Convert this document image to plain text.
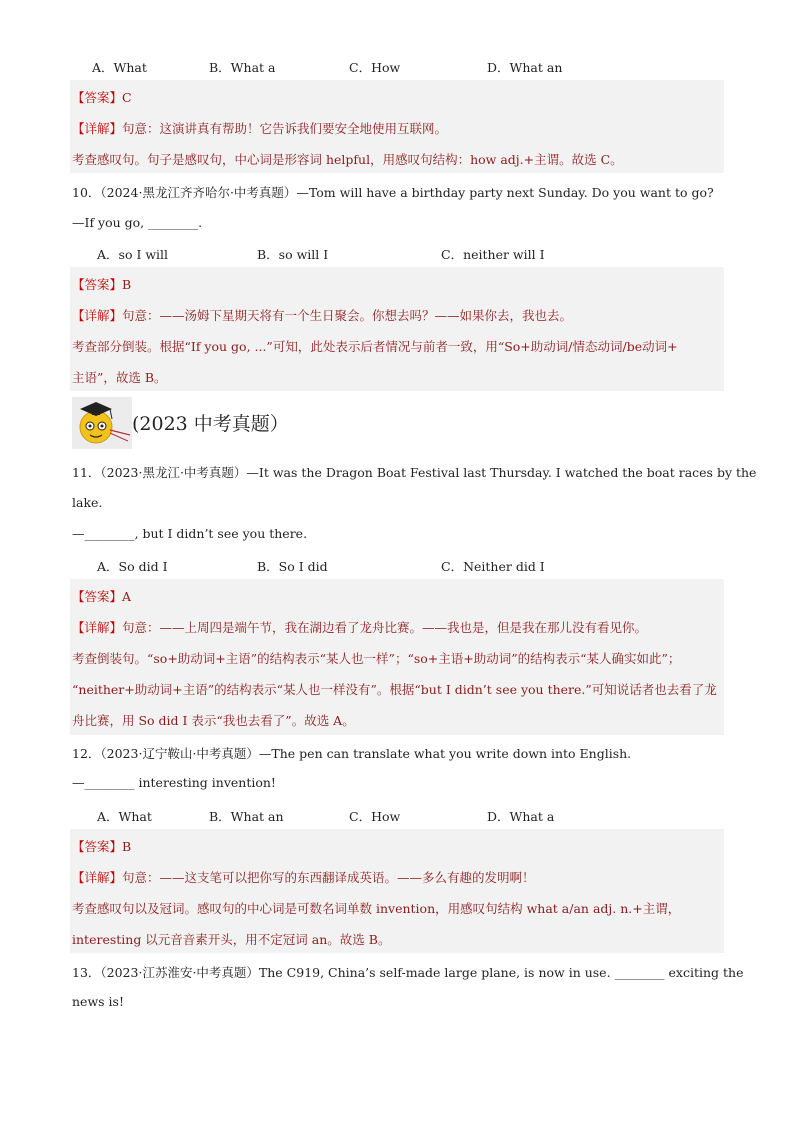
A．What	B．What a	C．How	D．What an
【答案】C
【详解】句意：这演讲真有帮助！它告诉我们要安全地使用互联网。
考查感叹句。句子是感叹句，中心词是形容词 helpful，用感叹句结构：how adj.+主谓。故选 C。
10．（2024·黑龙江齐齐哈尔·中考真题）—Tom will have a birthday party next Sunday. Do you want to go?
—If you go, ________.
A．so I will	B．so will I	C．neither will I
【答案】B
【详解】句意：——汤姆下星期天将有一个生日聚会。你想去吗？——如果你去，我也去。
考查部分倒装。根据“If you go, ...”可知，此处表示后者情况与前者一致，用“So+助动词/情态动词/be动词+
主语”，故选 B。
(2023 中考真题）
11．（2023·黑龙江·中考真题）—It was the Dragon Boat Festival last Thursday. I watched the boat races by the
lake.
—________, but I didn’t see you there.
A．So did I	B．So I did	C．Neither did I
【答案】A
【详解】句意：——上周四是端午节，我在湖边看了龙舟比赛。——我也是，但是我在那儿没有看见你。
考查倒装句。“so+助动词+主语”的结构表示“某人也一样”；“so+主语+助动词”的结构表示“某人确实如此”；
“neither+助动词+主语”的结构表示“某人也一样没有”。根据“but I didn’t see you there.”可知说话者也去看了龙
舟比赛，用 So did I 表示“我也去看了”。故选 A。
12．（2023·辽宁鞍山·中考真题）—The pen can translate what you write down into English.
—________ interesting invention!
A．What	B．What an	C．How	D．What a
【答案】B
【详解】句意：——这支笔可以把你写的东西翻译成英语。——多么有趣的发明啊！
考查感叹句以及冠词。感叹句的中心词是可数名词单数 invention，用感叹句结构 what a/an adj. n.+主谓，
interesting 以元音音素开头，用不定冠词 an。故选 B。
13．（2023·江苏淮安·中考真题）The C919, China’s self-made large plane, is now in use. ________ exciting the
news is!
